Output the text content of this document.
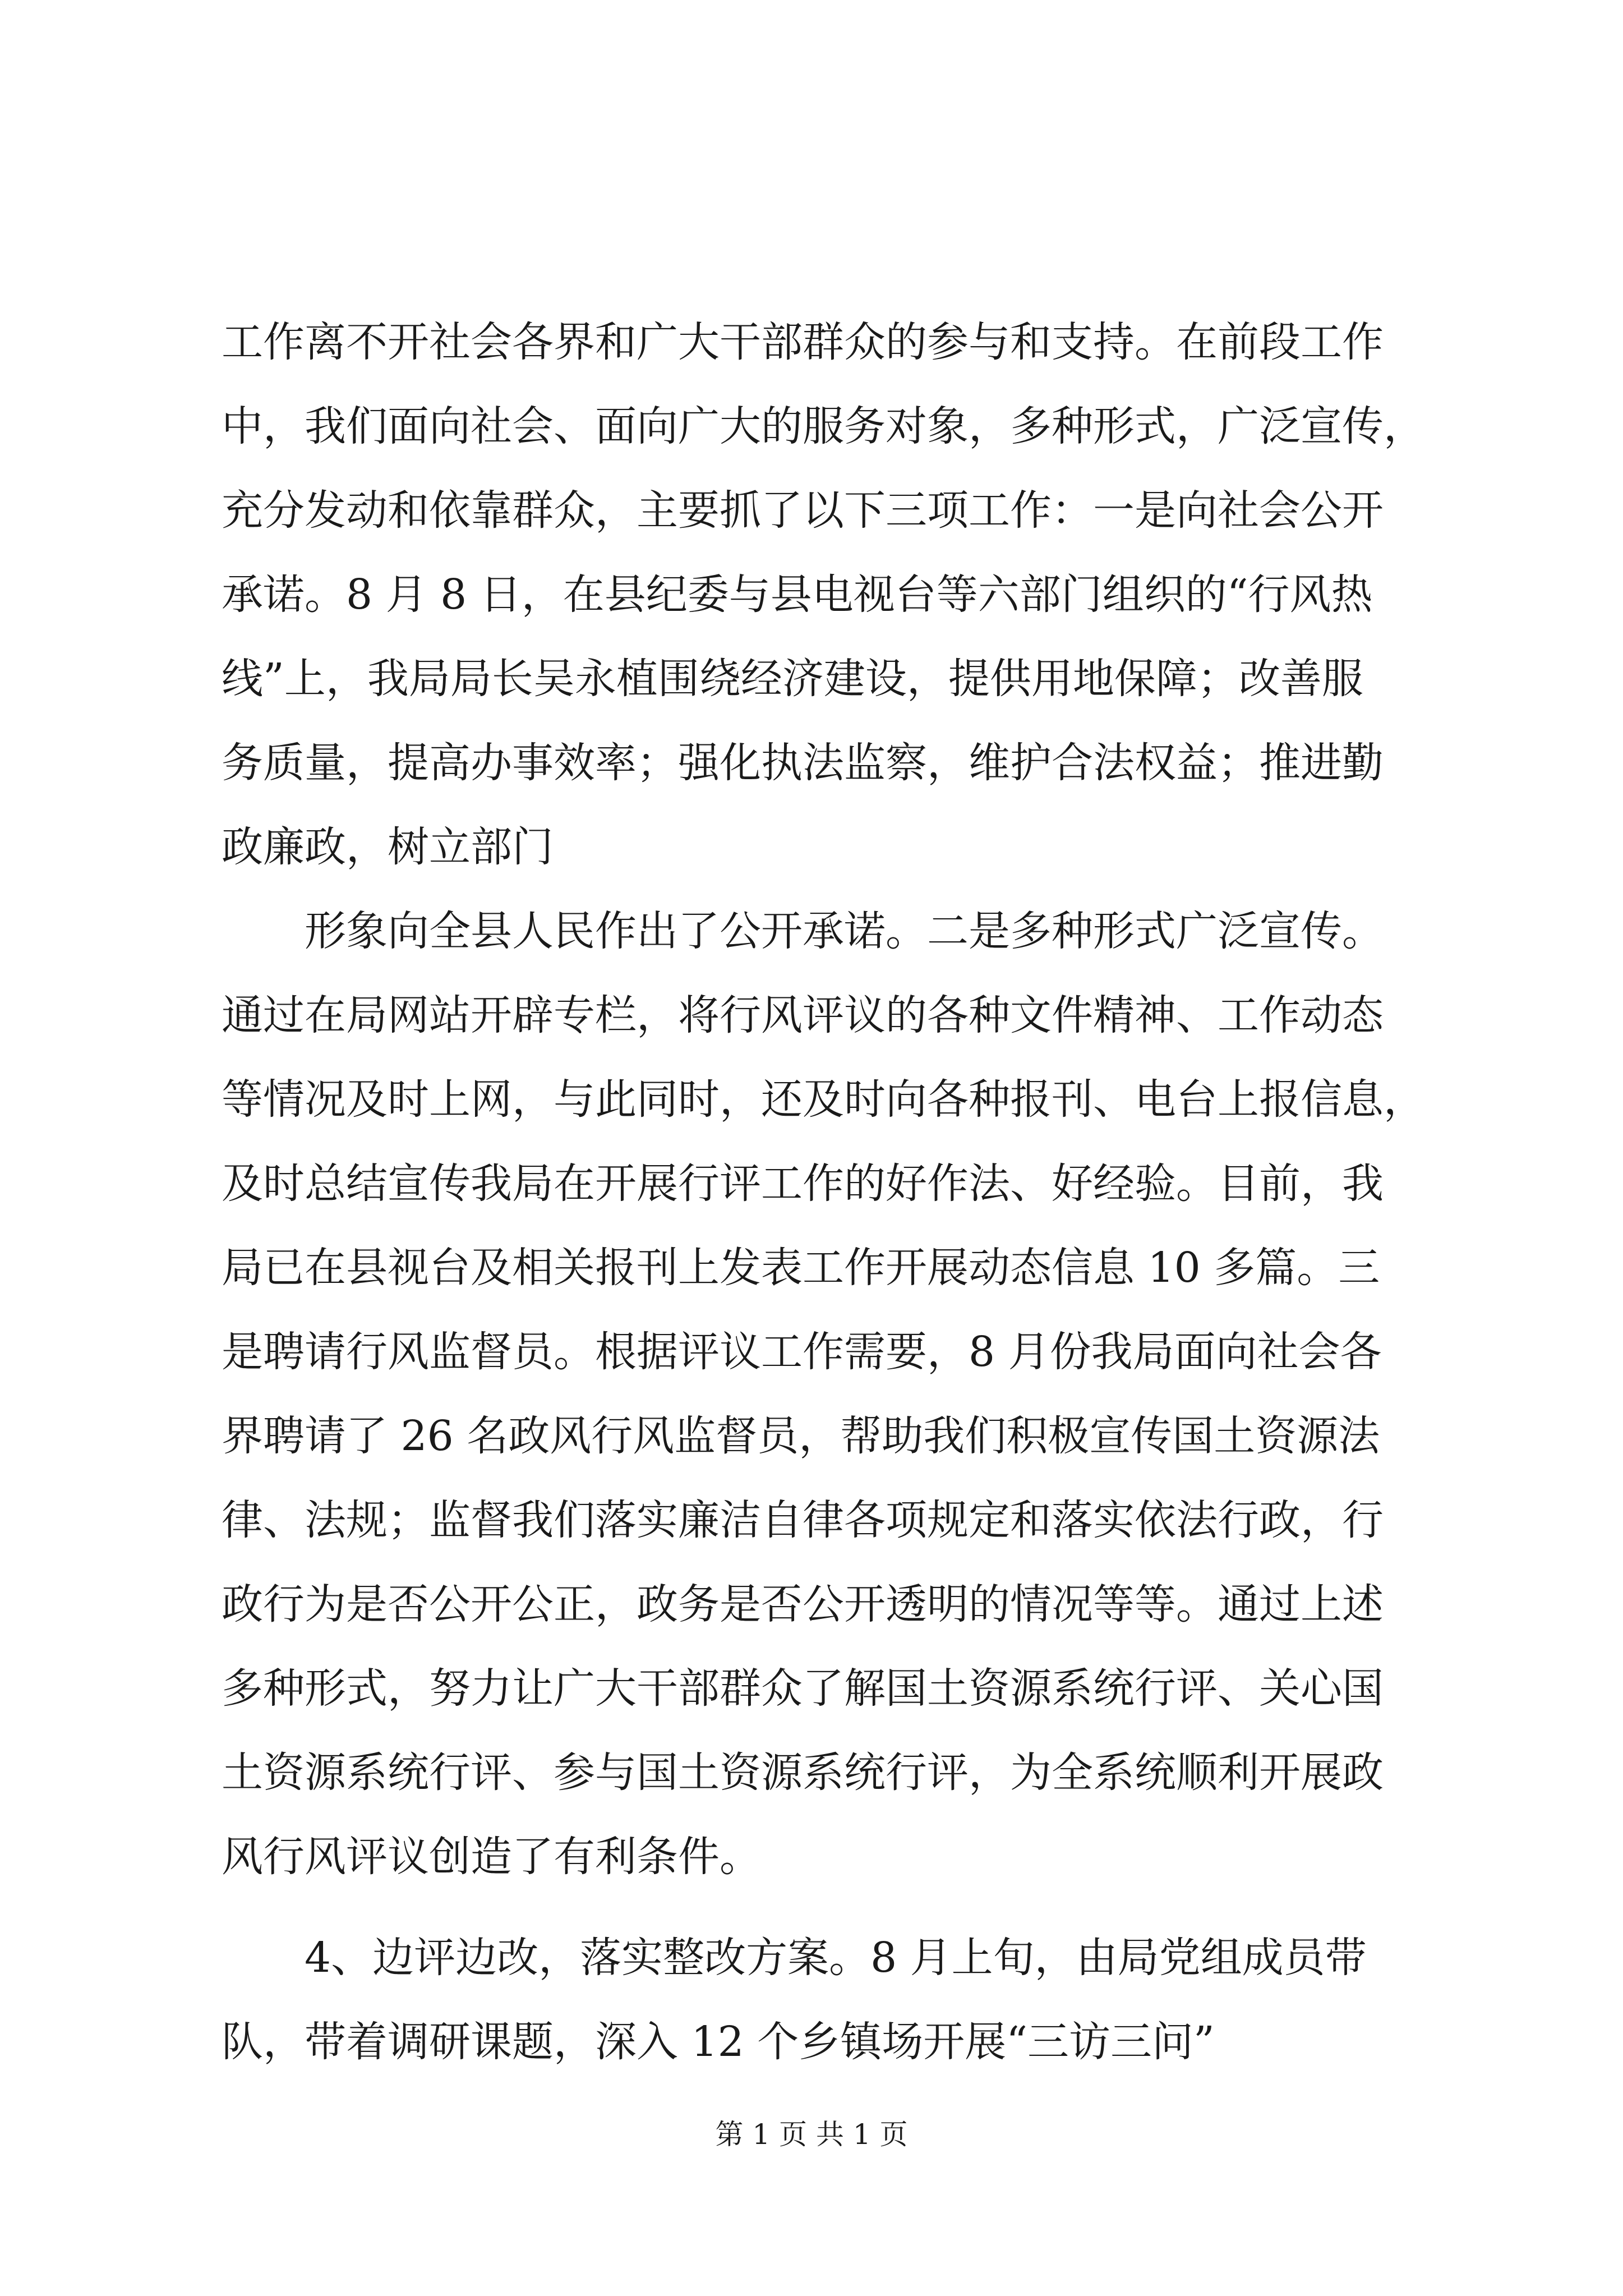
工作离不开社会各界和广大干部群众的参与和支持。在前段工作
中，我们面向社会、面向广大的服务对象，多种形式，广泛宣传，
充分发动和依靠群众，主要抓了以下三项工作：一是向社会公开
承诺。8 月 8 日，在县纪委与县电视台等六部门组织的“行风热
线”上，我局局长吴永植围绕经济建设，提供用地保障；改善服
务质量，提高办事效率；强化执法监察，维护合法权益；推进勤
政廉政，树立部门
　　形象向全县人民作出了公开承诺。二是多种形式广泛宣传。
通过在局网站开辟专栏，将行风评议的各种文件精神、工作动态
等情况及时上网，与此同时，还及时向各种报刊、电台上报信息，
及时总结宣传我局在开展行评工作的好作法、好经验。目前，我
局已在县视台及相关报刊上发表工作开展动态信息 10 多篇。三
是聘请行风监督员。根据评议工作需要，8 月份我局面向社会各
界聘请了 26 名政风行风监督员，帮助我们积极宣传国土资源法
律、法规；监督我们落实廉洁自律各项规定和落实依法行政，行
政行为是否公开公正，政务是否公开透明的情况等等。通过上述
多种形式，努力让广大干部群众了解国土资源系统行评、关心国
土资源系统行评、参与国土资源系统行评，为全系统顺利开展政
风行风评议创造了有利条件。
　　4、边评边改，落实整改方案。8 月上旬，由局党组成员带
队，带着调研课题，深入 12 个乡镇场开展“三访三问”
第 1 页 共 1 页
